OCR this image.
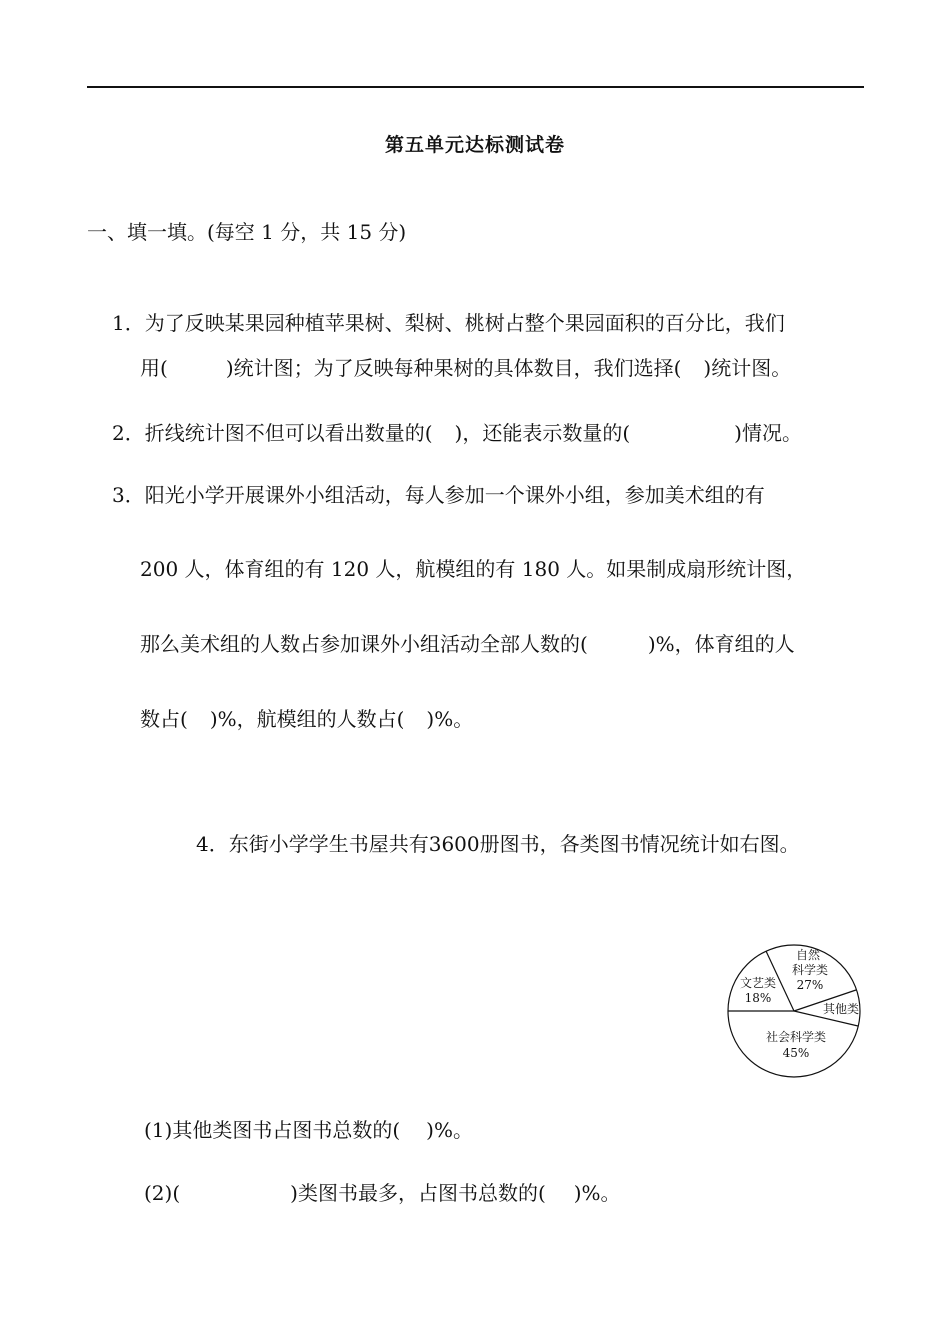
第五单元达标测试卷
一、填一填。(每空 1 分，共 15 分)
1．为了反映某果园种植苹果树、梨树、桃树占整个果园面积的百分比，我们
用(	)统计图；为了反映每种果树的具体数目，我们选择( )统计图。
2．折线统计图不但可以看出数量的( )，还能表示数量的(	)情况。
3．阳光小学开展课外小组活动，每人参加一个课外小组，参加美术组的有
200 人，体育组的有 120 人，航模组的有 180 人。如果制成扇形统计图，
那么美术组的人数占参加课外小组活动全部人数的(	)%，体育组的人
数占( )%，航模组的人数占( )%。
4．东街小学学生书屋共有3600册图书，各类图书情况统计如右图。
自然
科学类
27%
其他类
社会科学类
45%
文艺类
18%
(1)其他类图书占图书总数的( )%。
(2)(	)类图书最多，占图书总数的( )%。
